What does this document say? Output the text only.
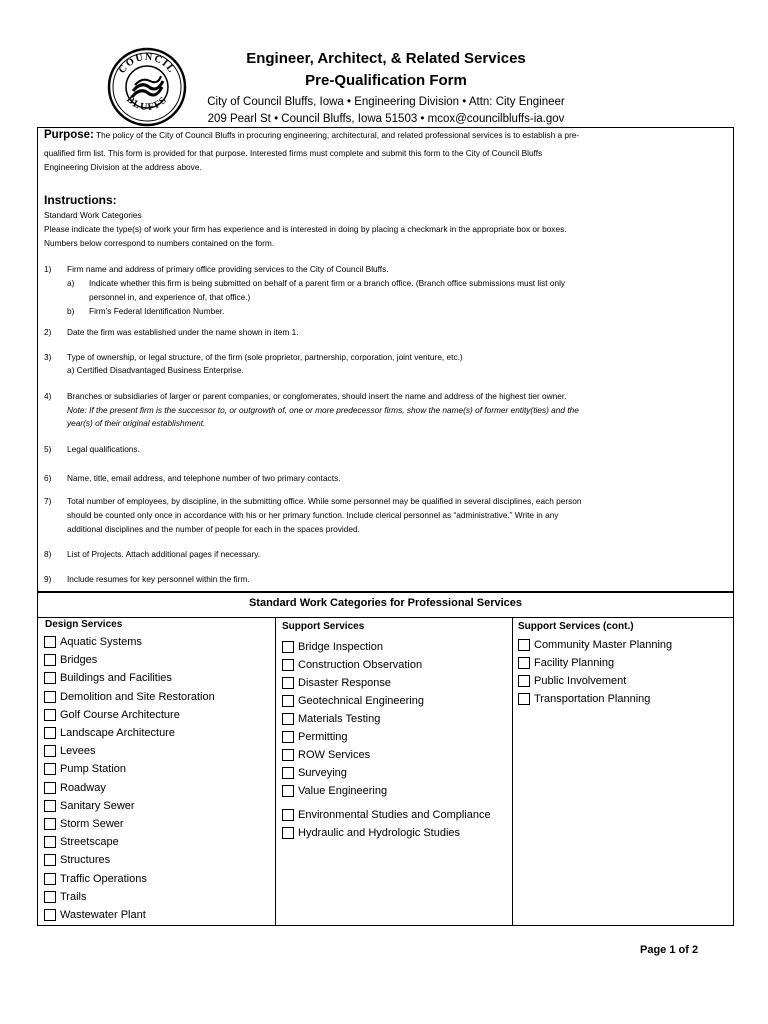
COUNCIL
BLUFFS
Engineer, Architect, & Related Services
Pre-Qualification Form
City of Council Bluffs, Iowa • Engineering Division • Attn: City Engineer
209 Pearl St • Council Bluffs, Iowa 51503 • mcox@councilbluffs-ia.gov
Purpose: The policy of the City of Council Bluffs in procuring engineering, architectural, and related professional services is to establish a pre-
qualified firm list. This form is provided for that purpose. Interested firms must complete and submit this form to the City of Council Bluffs
Engineering Division at the address above.
Instructions:
Standard Work Categories
Please indicate the type(s) of work your firm has experience and is interested in doing by placing a checkmark in the appropriate box or boxes.
Numbers below correspond to numbers contained on the form.
1) Firm name and address of primary office providing services to the City of Council Bluffs.
a) Indicate whether this firm is being submitted on behalf of a parent firm or a branch office. (Branch office submissions must list only
personnel in, and experience of, that office.)
b) Firm’s Federal Identification Number.
2) Date the firm was established under the name shown in item 1.
3) Type of ownership, or legal structure, of the firm (sole proprietor, partnership, corporation, joint venture, etc.)
a) Certified Disadvantaged Business Enterprise.
4) Branches or subsidiaries of larger or parent companies, or conglomerates, should insert the name and address of the highest tier owner.
Note: If the present firm is the successor to, or outgrowth of, one or more predecessor firms, show the name(s) of former entity(ties) and the
year(s) of their original establishment.
5) Legal qualifications.
6) Name, title, email address, and telephone number of two primary contacts.
7) Total number of employees, by discipline, in the submitting office. While some personnel may be qualified in several disciplines, each person
should be counted only once in accordance with his or her primary function. Include clerical personnel as “administrative.” Write in any
additional disciplines and the number of people for each in the spaces provided.
8) List of Projects. Attach additional pages if necessary.
9) Include resumes for key personnel within the firm.
Standard Work Categories for Professional Services
Design Services	Support Services	Support Services (cont.)
Aquatic Systems
Bridges
Buildings and Facilities
Demolition and Site Restoration
Golf Course Architecture
Landscape Architecture
Levees
Pump Station
Roadway
Sanitary Sewer
Storm Sewer
Streetscape
Structures
Traffic Operations
Trails
Wastewater Plant
Bridge Inspection
Construction Observation
Disaster Response
Geotechnical Engineering
Materials Testing
Permitting
ROW Services
Surveying
Value Engineering
Environmental Studies and Compliance
Hydraulic and Hydrologic Studies
Community Master Planning
Facility Planning
Public Involvement
Transportation Planning
Page 1 of 2
